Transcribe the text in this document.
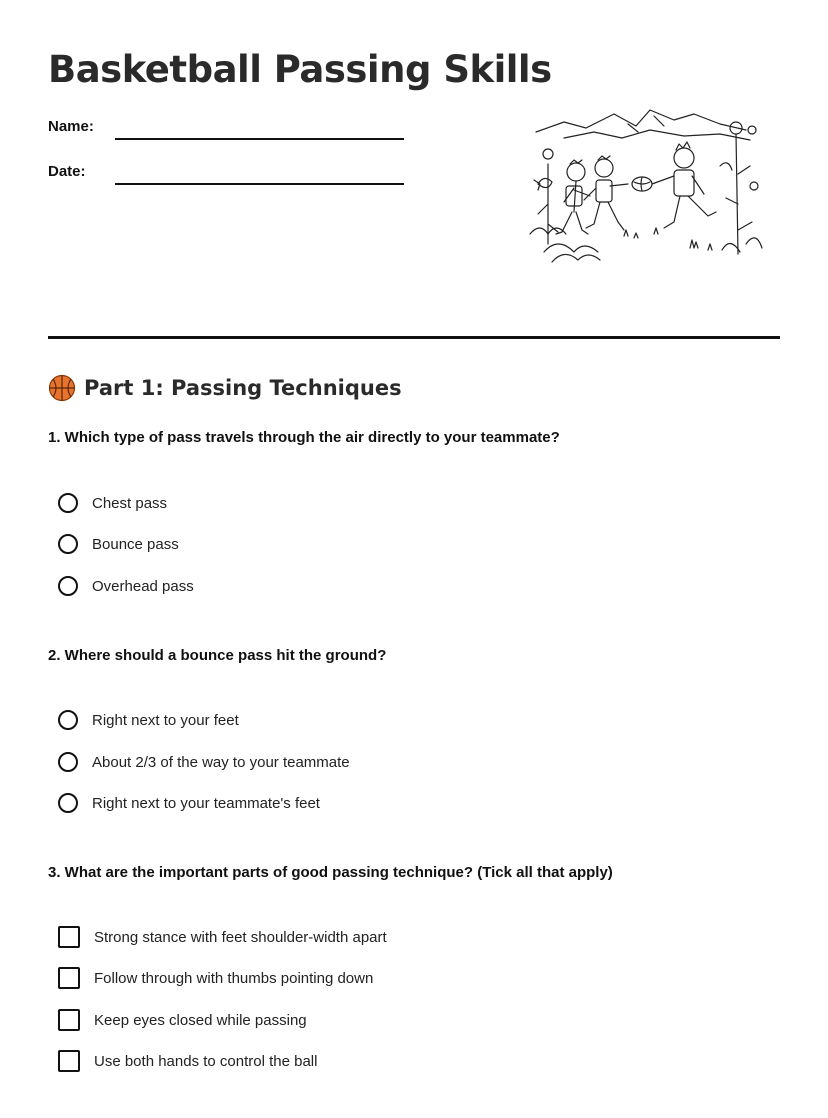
Basketball Passing Skills
Name:
Date:
Part 1: Passing Techniques
1. Which type of pass travels through the air directly to your teammate?
Chest pass
Bounce pass
Overhead pass
2. Where should a bounce pass hit the ground?
Right next to your feet
About 2/3 of the way to your teammate
Right next to your teammate's feet
3. What are the important parts of good passing technique? (Tick all that apply)
Strong stance with feet shoulder-width apart
Follow through with thumbs pointing down
Keep eyes closed while passing
Use both hands to control the ball
